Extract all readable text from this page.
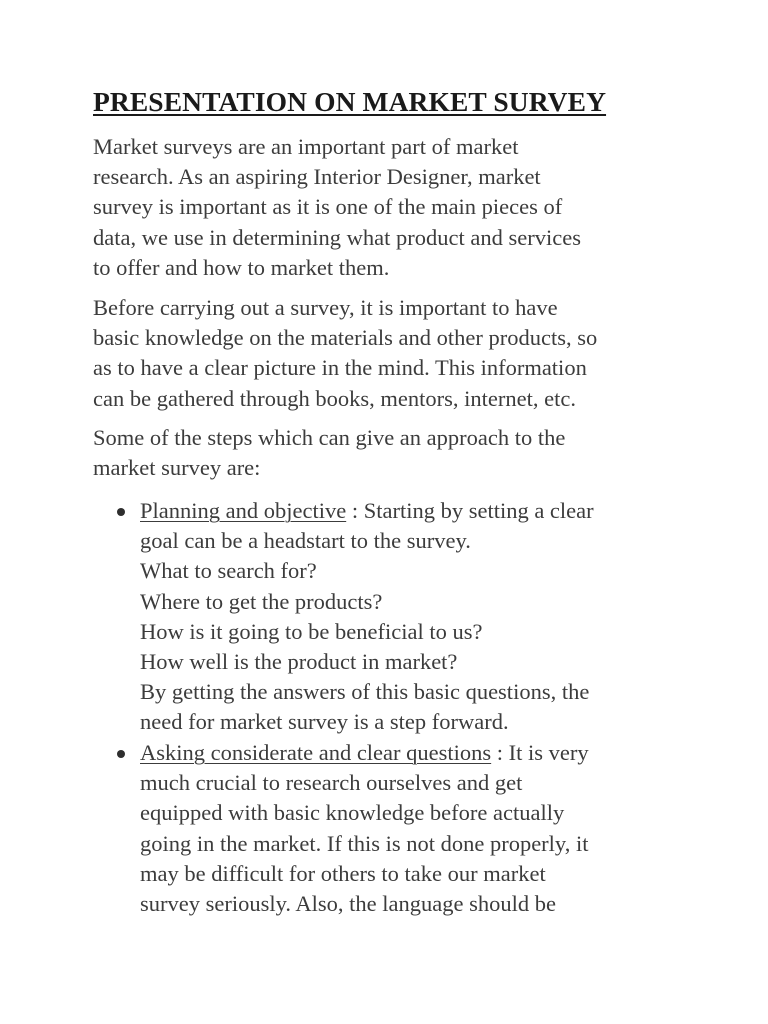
PRESENTATION ON MARKET SURVEY

Market surveys are an important part of market
research. As an aspiring Interior Designer, market
survey is important as it is one of the main pieces of
data, we use in determining what product and services
to offer and how to market them.

Before carrying out a survey, it is important to have
basic knowledge on the materials and other products, so
as to have a clear picture in the mind. This information
can be gathered through books, mentors, internet, etc.

Some of the steps which can give an approach to the
market survey are:

Planning and objective : Starting by setting a clear
goal can be a headstart to the survey.
What to search for?
Where to get the products?
How is it going to be beneficial to us?
How well is the product in market?
By getting the answers of this basic questions, the
need for market survey is a step forward.
Asking considerate and clear questions : It is very
much crucial to research ourselves and get
equipped with basic knowledge before actually
going in the market. If this is not done properly, it
may be difficult for others to take our market
survey seriously. Also, the language should be
